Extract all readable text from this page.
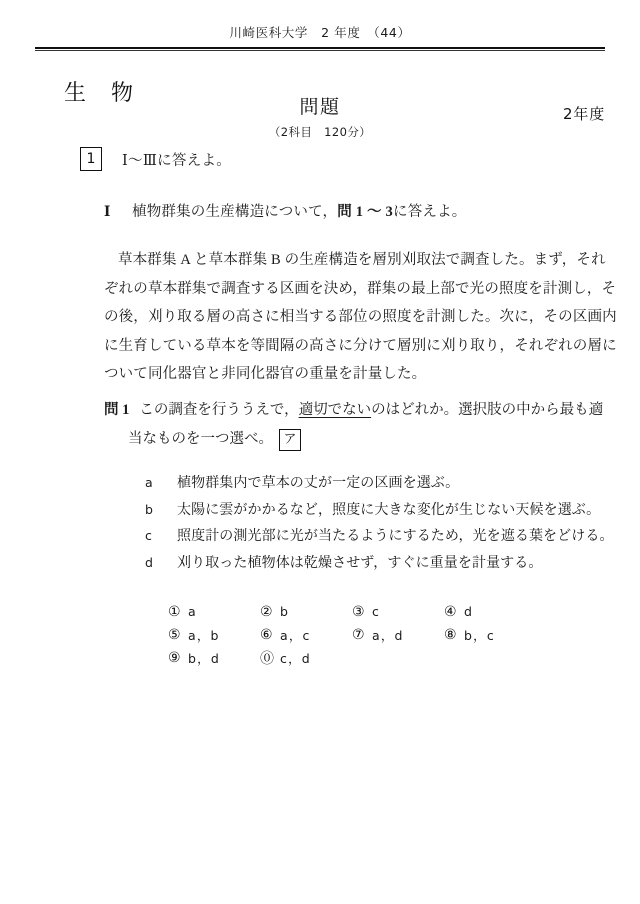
川崎医科大学　2 年度　（44）
生 物
問題
（2科目　120分）
2年度
1	Ⅰ～Ⅲに答えよ。
Ⅰ	植物群集の生産構造について，問 1 ～ 3に答えよ。
草本群集 A と草本群集 B の生産構造を層別刈取法で調査した。まず，それ
ぞれの草本群集で調査する区画を決め，群集の最上部で光の照度を計測し，そ
の後，刈り取る層の高さに相当する部位の照度を計測した。次に，その区画内
に生育している草本を等間隔の高さに分けて層別に刈り取り，それぞれの層に
ついて同化器官と非同化器官の重量を計量した。
問 1 この調査を行ううえで， 適切でない のはどれか。選択肢の中から最も適
当なものを一つ選べ。 ア
a	植物群集内で草本の丈が一定の区画を選ぶ。
b	太陽に雲がかかるなど，照度に大きな変化が生じない天候を選ぶ。
c	照度計の測光部に光が当たるようにするため，光を遮る葉をどける。
d	刈り取った植物体は乾燥させず，すぐに重量を計量する。
① a	② b	③ c	④ d
⑤ a，b	⑥ a，c	⑦ a，d	⑧ b，c
⑨ b，d	⓪ c，d
